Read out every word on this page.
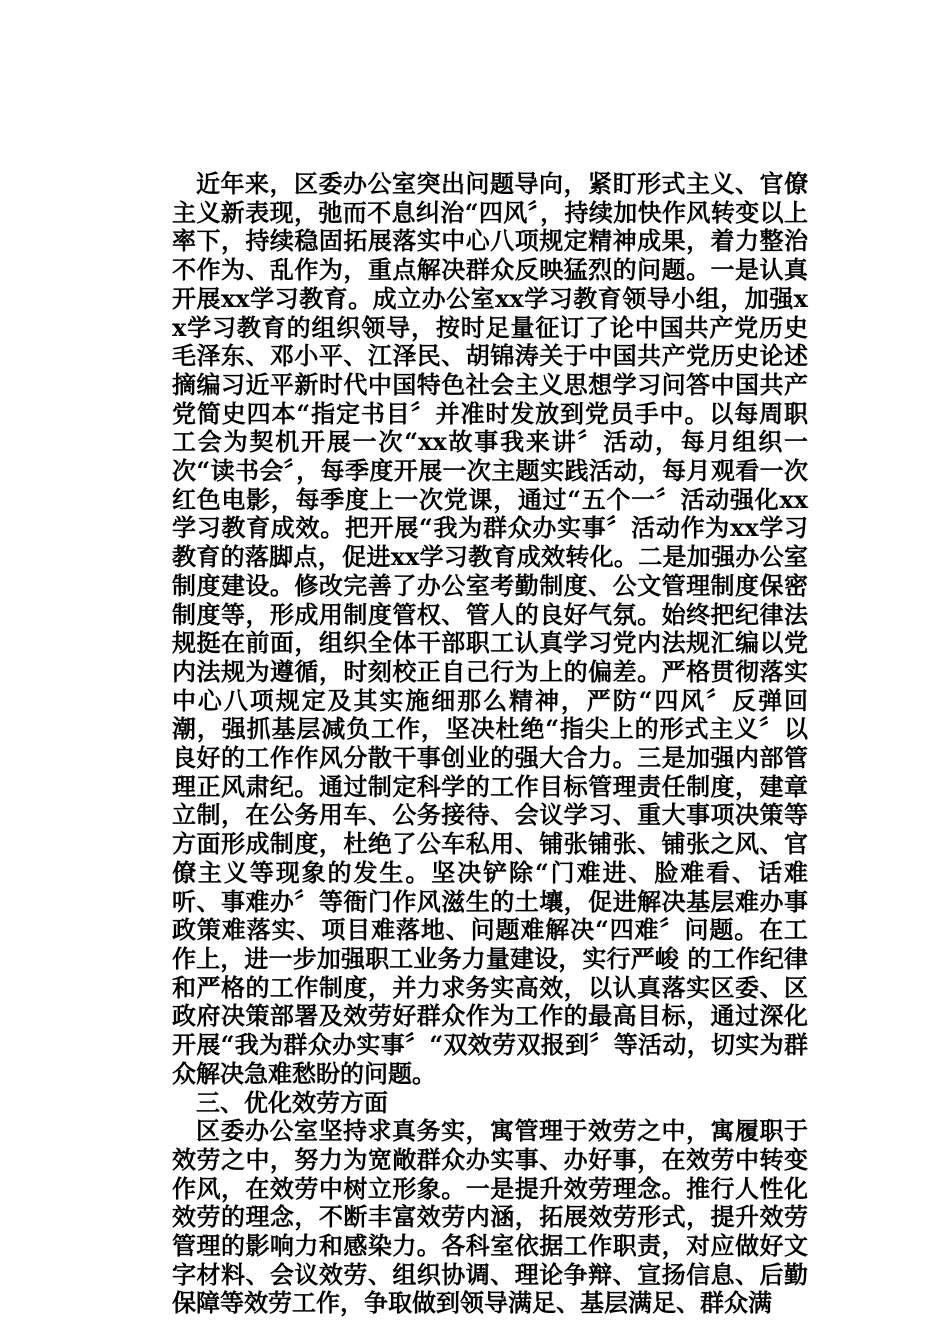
近年来，区委办公室突出问题导向，紧盯形式主义、官僚主义新表现，弛而不息纠治“四风〞，持续加快作风转变以上率下，持续稳固拓展落实中心八项规定精神成果，着力整治不作为、乱作为，重点解决群众反映猛烈的问题。一是认真开展xx学习教育。成立办公室xx学习教育领导小组，加强xx学习教育的组织领导，按时足量征订了论中国共产党历史毛泽东、邓小平、江泽民、胡锦涛关于中国共产党历史论述摘编习近平新时代中国特色社会主义思想学习问答中国共产党简史四本“指定书目〞并准时发放到党员手中。以每周职工会为契机开展一次“xx故事我来讲〞活动，每月组织一次“读书会〞，每季度开展一次主题实践活动，每月观看一次红色电影，每季度上一次党课，通过“五个一〞活动强化xx学习教育成效。把开展“我为群众办实事〞活动作为xx学习教育的落脚点，促进xx学习教育成效转化。二是加强办公室制度建设。修改完善了办公室考勤制度、公文管理制度保密制度等，形成用制度管权、管人的良好气氛。始终把纪律法规挺在前面，组织全体干部职工认真学习党内法规汇编以党内法规为遵循，时刻校正自己行为上的偏差。严格贯彻落实中心八项规定及其实施细那么精神，严防“四风〞反弹回潮，强抓基层减负工作，坚决杜绝“指尖上的形式主义〞以良好的工作作风分散干事创业的强大合力。三是加强内部管理正风肃纪。通过制定科学的工作目标管理责任制度，建章立制，在公务用车、公务接待、会议学习、重大事项决策等方面形成制度，杜绝了公车私用、铺张铺张、铺张之风、官僚主义等现象的发生。坚决铲除“门难进、脸难看、话难听、事难办〞等衙门作风滋生的土壤，促进解决基层难办事政策难落实、项目难落地、问题难解决“四难〞问题。在工作上，进一步加强职工业务力量建设，实行严峻 的工作纪律和严格的工作制度，并力求务实高效，以认真落实区委、区政府决策部署及效劳好群众作为工作的最高目标，通过深化开展“我为群众办实事〞“双效劳双报到〞等活动，切实为群众解决急难愁盼的问题。

三、优化效劳方面

区委办公室坚持求真务实，寓管理于效劳之中，寓履职于效劳之中，努力为宽敞群众办实事、办好事，在效劳中转变作风，在效劳中树立形象。一是提升效劳理念。推行人性化效劳的理念，不断丰富效劳内涵，拓展效劳形式，提升效劳管理的影响力和感染力。各科室依据工作职责，对应做好文字材料、会议效劳、组织协调、理论争辩、宣扬信息、后勤保障等效劳工作，争取做到领导满足、基层满足、群众满
